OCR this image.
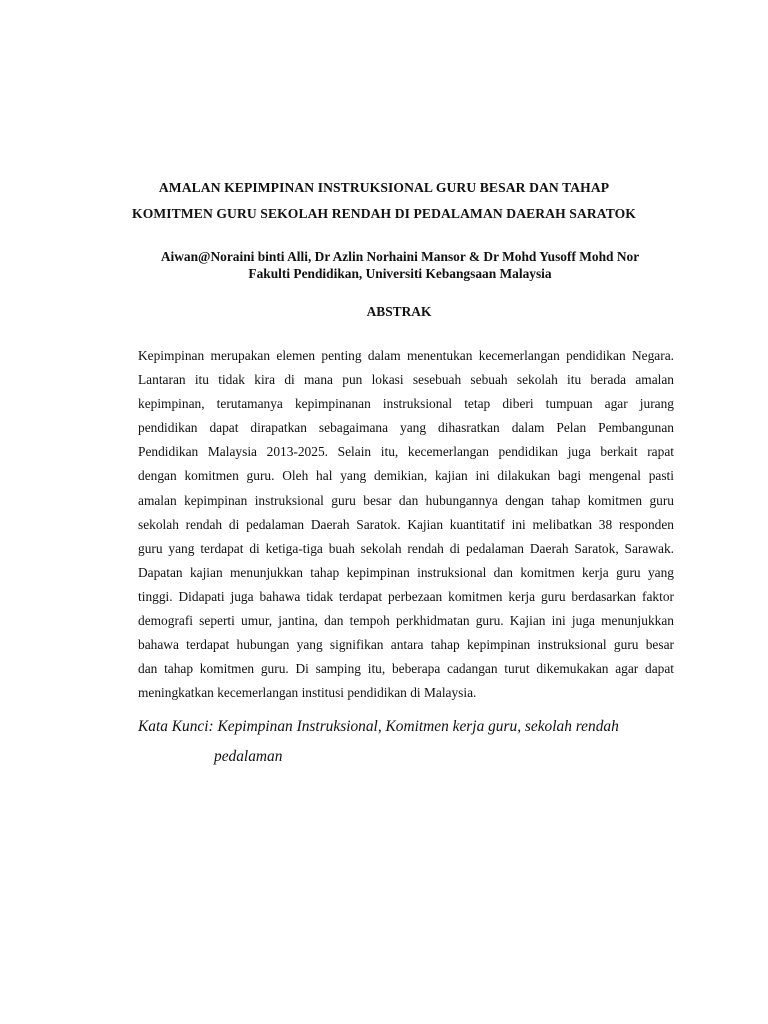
AMALAN KEPIMPINAN INSTRUKSIONAL GURU BESAR DAN TAHAP
KOMITMEN GURU SEKOLAH RENDAH DI PEDALAMAN DAERAH SARATOK
Aiwan@Noraini binti Alli, Dr Azlin Norhaini Mansor & Dr Mohd Yusoff Mohd Nor
Fakulti Pendidikan, Universiti Kebangsaan Malaysia
ABSTRAK
Kepimpinan merupakan elemen penting dalam menentukan kecemerlangan pendidikan Negara.
Lantaran itu tidak kira di mana pun lokasi sesebuah sebuah sekolah itu berada amalan
kepimpinan, terutamanya kepimpinanan instruksional tetap diberi tumpuan agar jurang
pendidikan dapat dirapatkan sebagaimana yang dihasratkan dalam Pelan Pembangunan
Pendidikan Malaysia 2013-2025. Selain itu, kecemerlangan pendidikan juga berkait rapat
dengan komitmen guru. Oleh hal yang demikian, kajian ini dilakukan bagi mengenal pasti
amalan kepimpinan instruksional guru besar dan hubungannya dengan tahap komitmen guru
sekolah rendah di pedalaman Daerah Saratok. Kajian kuantitatif ini melibatkan 38 responden
guru yang terdapat di ketiga-tiga buah sekolah rendah di pedalaman Daerah Saratok, Sarawak.
Dapatan kajian menunjukkan tahap kepimpinan instruksional dan komitmen kerja guru yang
tinggi. Didapati juga bahawa tidak terdapat perbezaan komitmen kerja guru berdasarkan faktor
demografi seperti umur, jantina, dan tempoh perkhidmatan guru. Kajian ini juga menunjukkan
bahawa terdapat hubungan yang signifikan antara tahap kepimpinan instruksional guru besar
dan tahap komitmen guru. Di samping itu, beberapa cadangan turut dikemukakan agar dapat
meningkatkan kecemerlangan institusi pendidikan di Malaysia.
Kata Kunci: Kepimpinan Instruksional, Komitmen kerja guru, sekolah rendah
pedalaman
